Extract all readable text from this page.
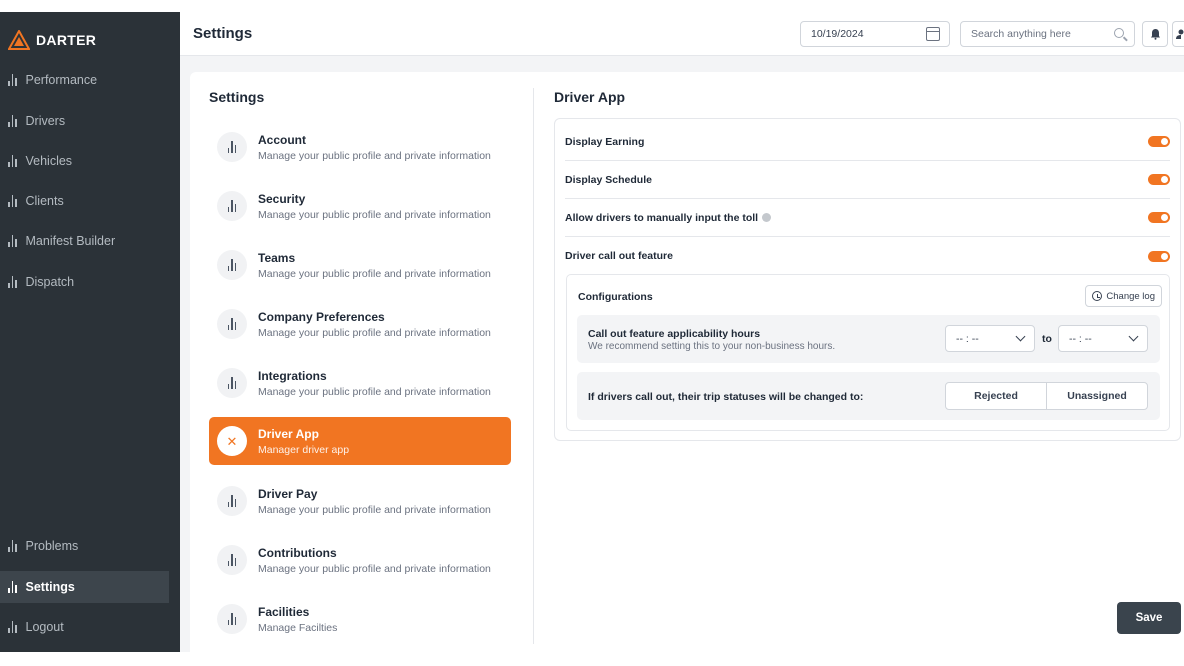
DARTER
Performance
Drivers
Vehicles
Clients
Manifest Builder
Dispatch
Problems
Settings
Logout
Settings	10/19/2024	Search anything here
Settings
Account
Manage your public profile and private information
Security
Manage your public profile and private information
Teams
Manage your public profile and private information
Company Preferences
Manage your public profile and private information
Integrations
Manage your public profile and private information
✕ Driver App
Manager driver app
Driver Pay
Manage your public profile and private information
Contributions
Manage your public profile and private information
Facilities
Manage Facilties
Driver App
Display Earning
Display Schedule
Allow drivers to manually input the toll
Driver call out feature
Configurations	Change log
Call out feature applicability hours
We recommend setting this to your non-business hours.
-- : --	to	-- : --
If drivers call out, their trip statuses will be changed to:	Rejected	Unassigned
Save
